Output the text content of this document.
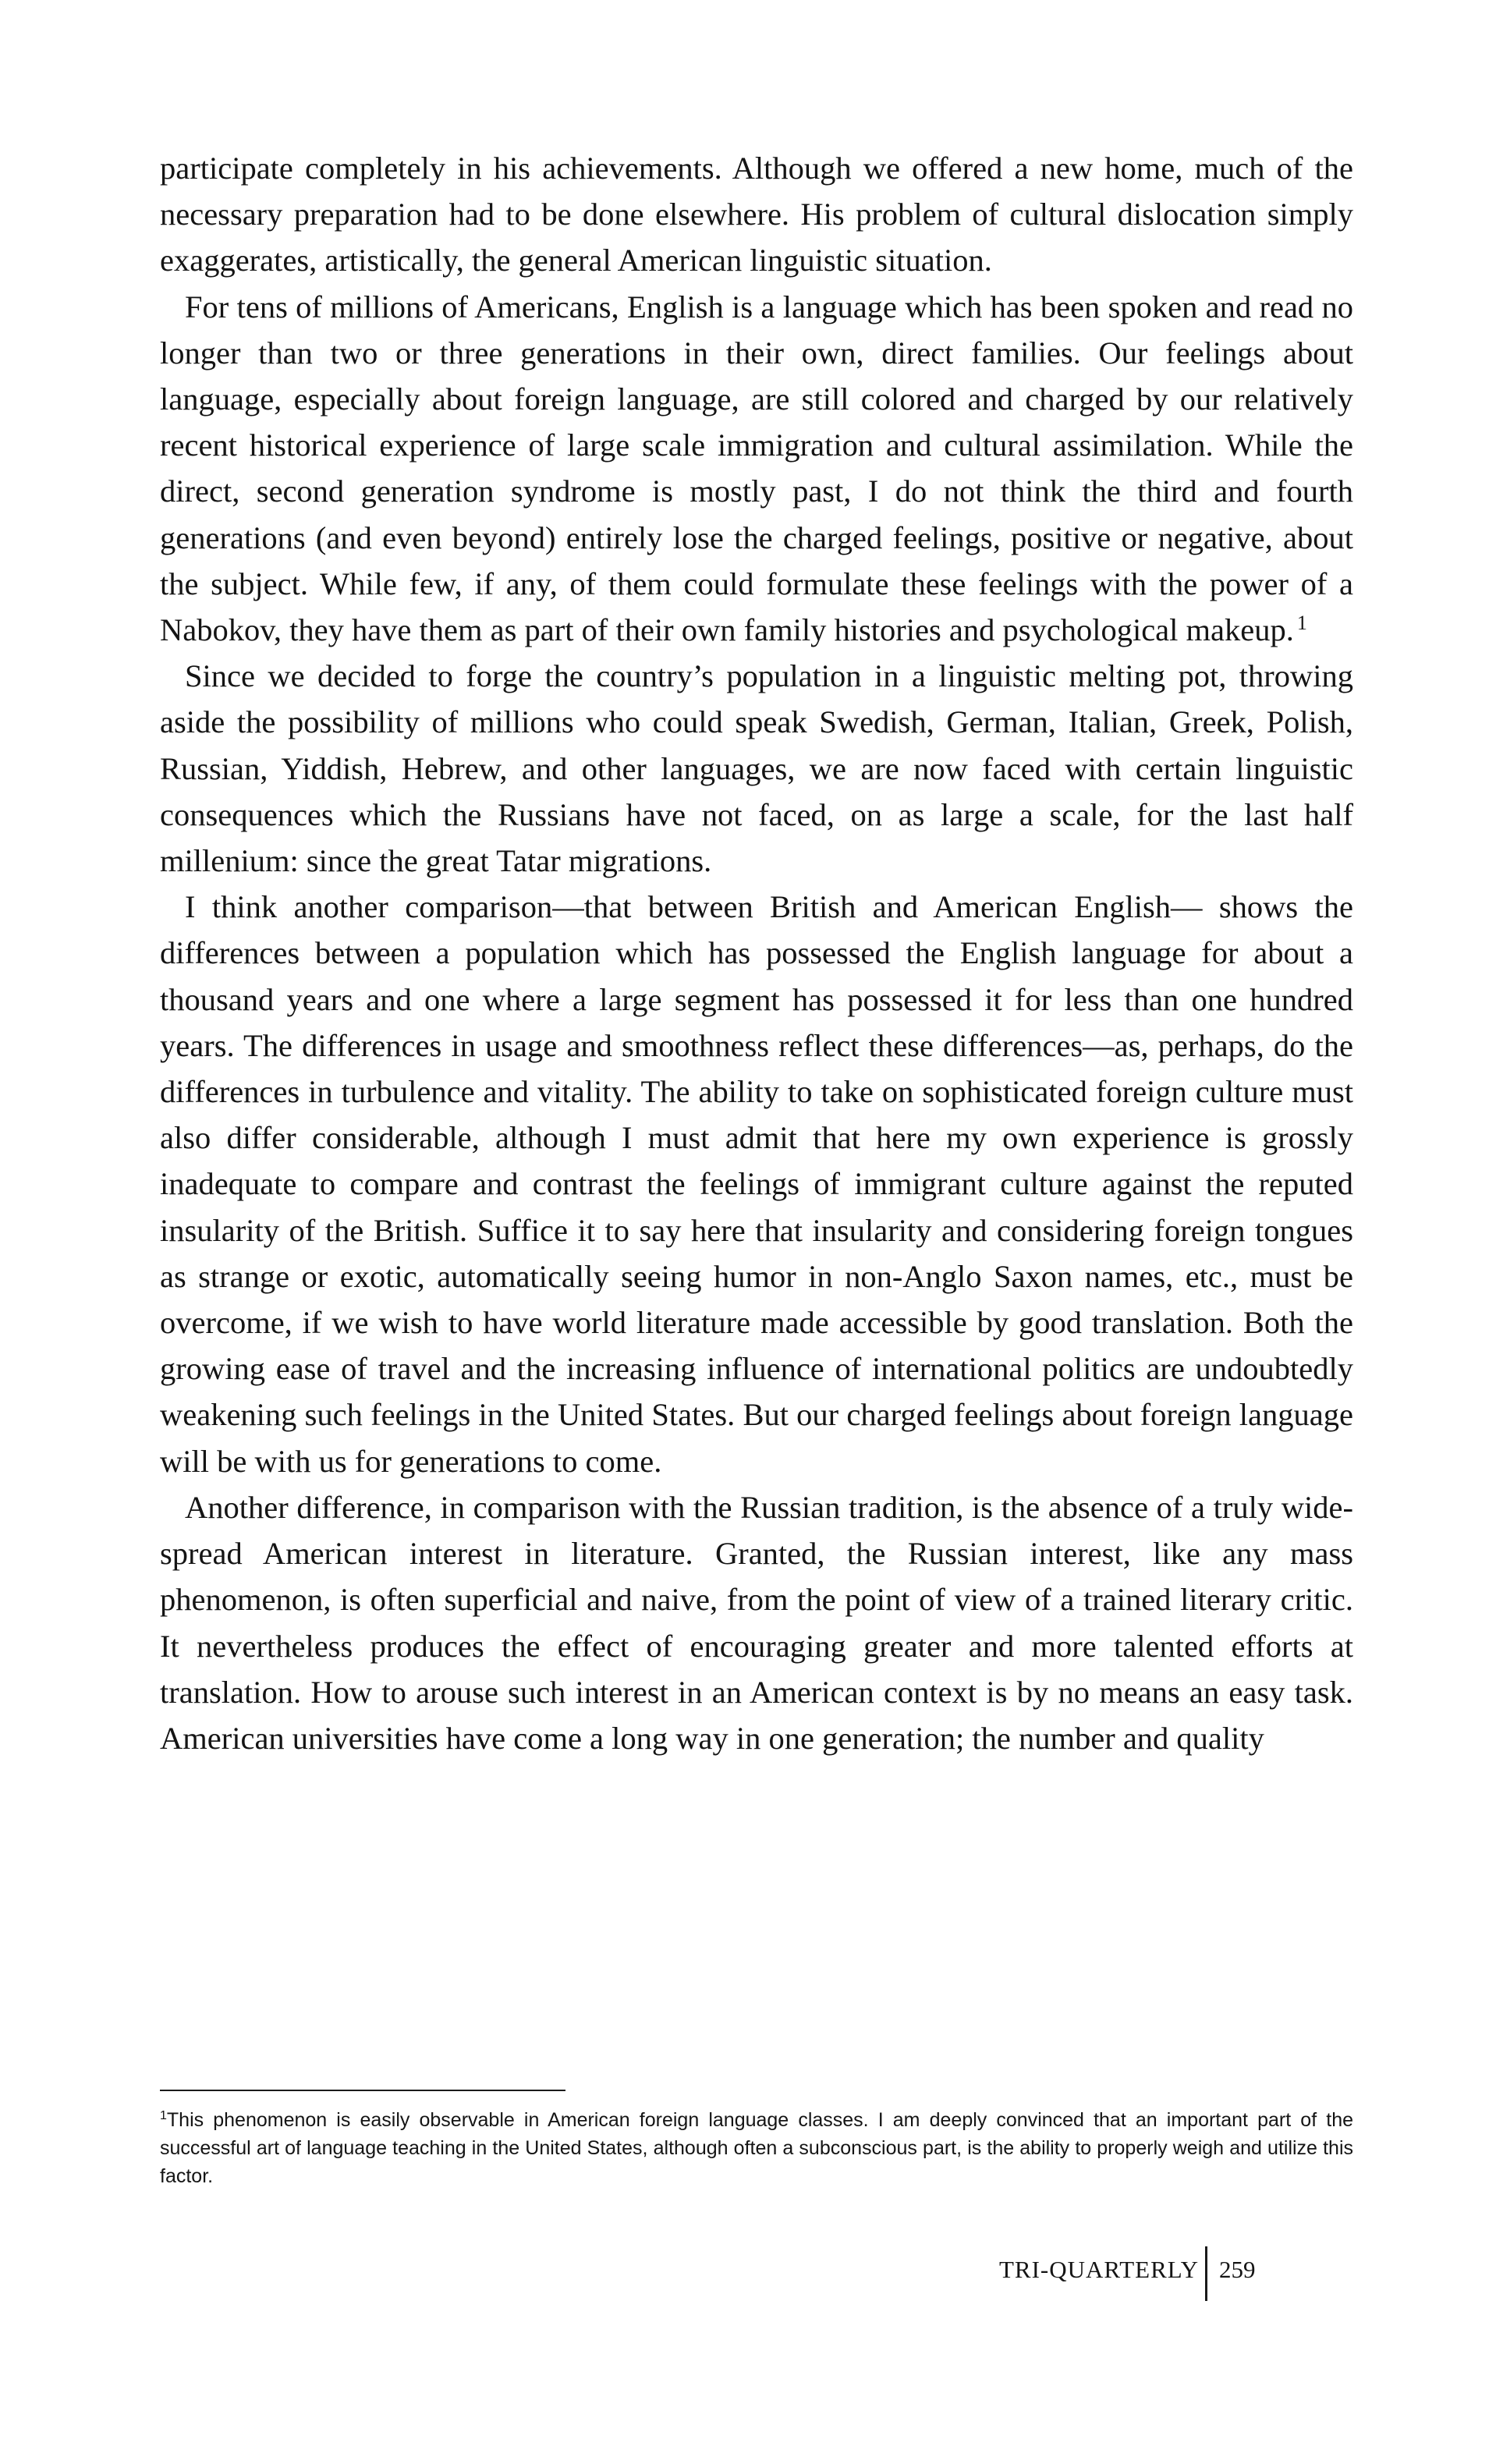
participate completely in his achievements. Although we offered a new home, much of the necessary preparation had to be done elsewhere. His problem of cultural dislocation simply exaggerates, artistically, the general American linguistic situation.

For tens of millions of Americans, English is a language which has been spoken and read no longer than two or three generations in their own, direct families. Our feelings about language, especially about foreign language, are still colored and charged by our relatively recent historical experience of large scale immigration and cultural assimilation. While the direct, second generation syndrome is mostly past, I do not think the third and fourth generations (and even beyond) entirely lose the charged feelings, positive or negative, about the subject. While few, if any, of them could formulate these feelings with the power of a Nabokov, they have them as part of their own family histories and psychological makeup. $^1$

Since we decided to forge the country’s population in a linguistic melting pot, throwing aside the possibility of millions who could speak Swedish, German, Italian, Greek, Polish, Russian, Yiddish, Hebrew, and other languages, we are now faced with certain linguistic consequences which the Russians have not faced, on as large a scale, for the last half millenium: since the great Tatar migrations.

I think another comparison—that between British and American English— shows the differences between a population which has possessed the English language for about a thousand years and one where a large segment has possessed it for less than one hundred years. The differences in usage and smoothness reflect these differences—as, perhaps, do the differences in turbulence and vitality. The ability to take on sophisticated foreign culture must also differ considerable, although I must admit that here my own experience is grossly inadequate to compare and contrast the feelings of immigrant culture against the reputed insularity of the British. Suffice it to say here that insularity and considering foreign tongues as strange or exotic, automatically seeing humor in non-Anglo Saxon names, etc., must be overcome, if we wish to have world literature made accessible by good translation. Both the growing ease of travel and the increasing influence of international politics are undoubtedly weakening such feelings in the United States. But our charged feelings about foreign language will be with us for generations to come.

Another difference, in comparison with the Russian tradition, is the absence of a truly wide-spread American interest in literature. Granted, the Russian interest, like any mass phenomenon, is often superficial and naive, from the point of view of a trained literary critic. It nevertheless produces the effect of encouraging greater and more talented efforts at translation. How to arouse such interest in an American context is by no means an easy task. American universities have come a long way in one generation; the number and quality

$^1$This phenomenon is easily observable in American foreign language classes. I am deeply convinced that an important part of the successful art of language teaching in the United States, although often a subconscious part, is the ability to properly weigh and utilize this factor.

TRI-QUARTERLY 259
